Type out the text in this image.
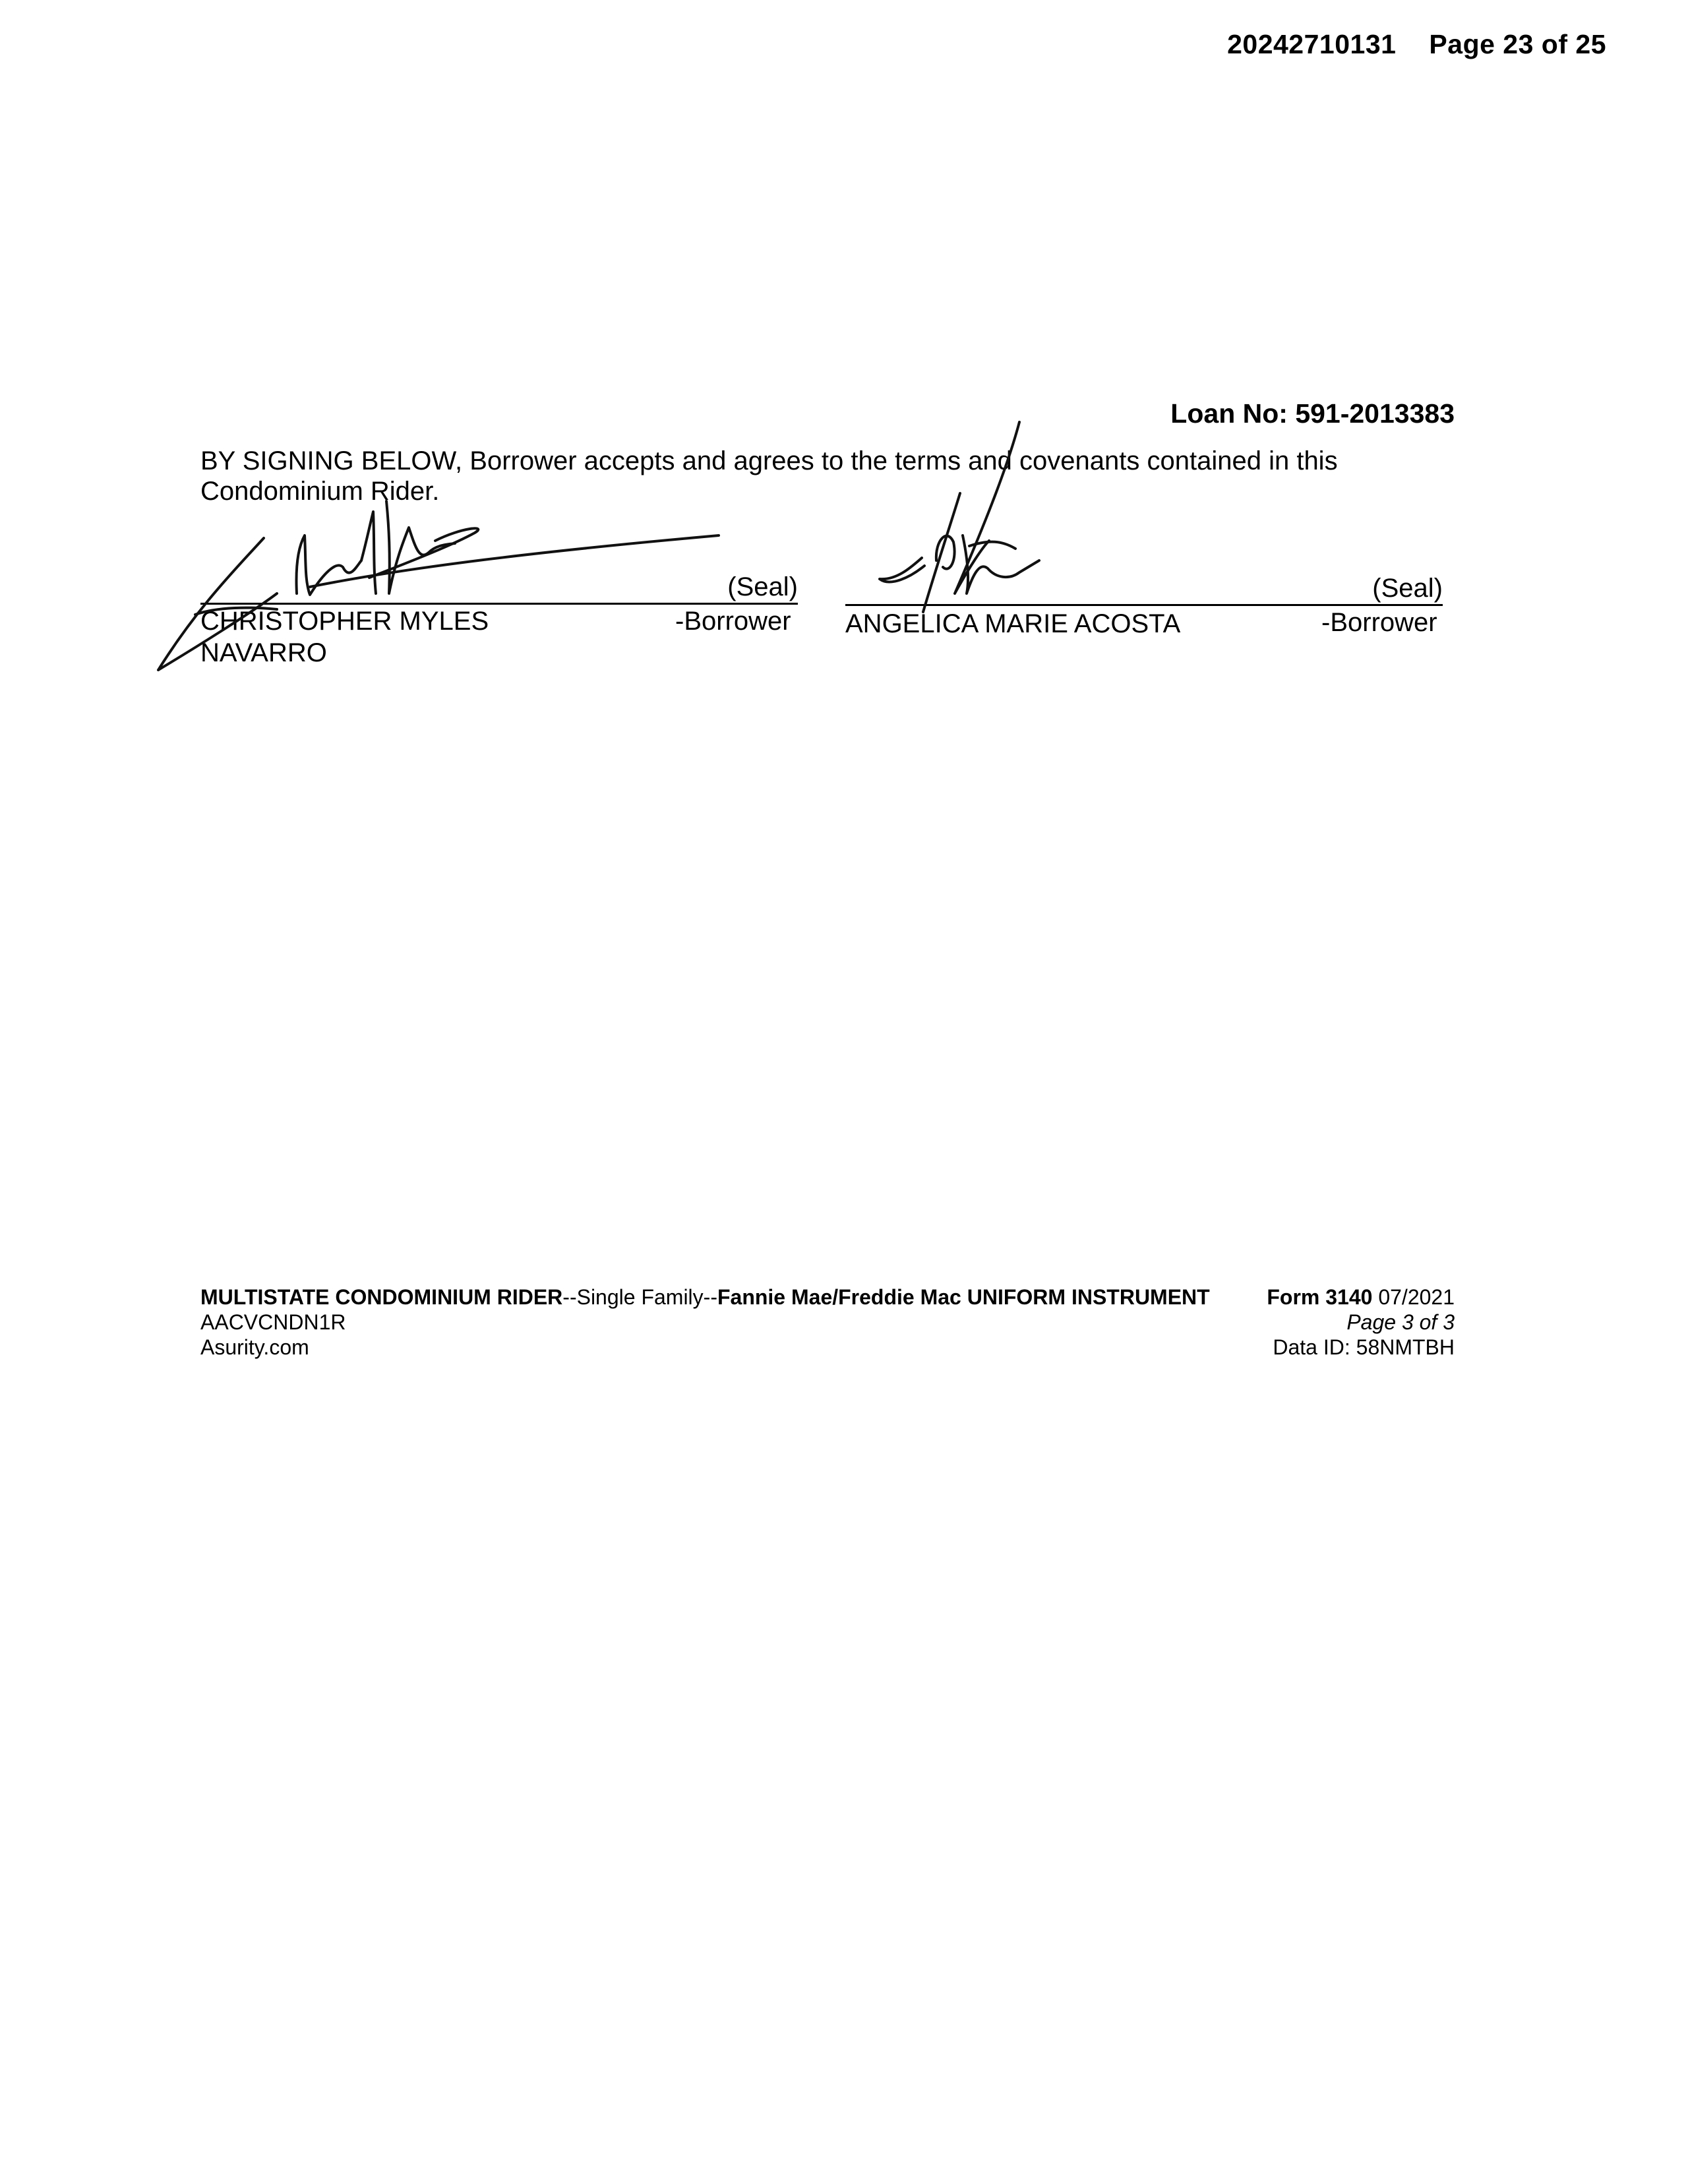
20242710131 Page 23 of 25
Loan No: 591-2013383
BY SIGNING BELOW, Borrower accepts and agrees to the terms and covenants contained in this Condominium Rider.
(Seal)
CHRISTOPHER MYLES
NAVARRO
-Borrower
(Seal)
ANGELICA MARIE ACOSTA	-Borrower
MULTISTATE CONDOMINIUM RIDER--Single Family--Fannie Mae/Freddie Mac UNIFORM INSTRUMENT	Form 3140 07/2021
AACVCNDN1R	Page 3 of 3
Asurity.com	Data ID: 58NMTBH
